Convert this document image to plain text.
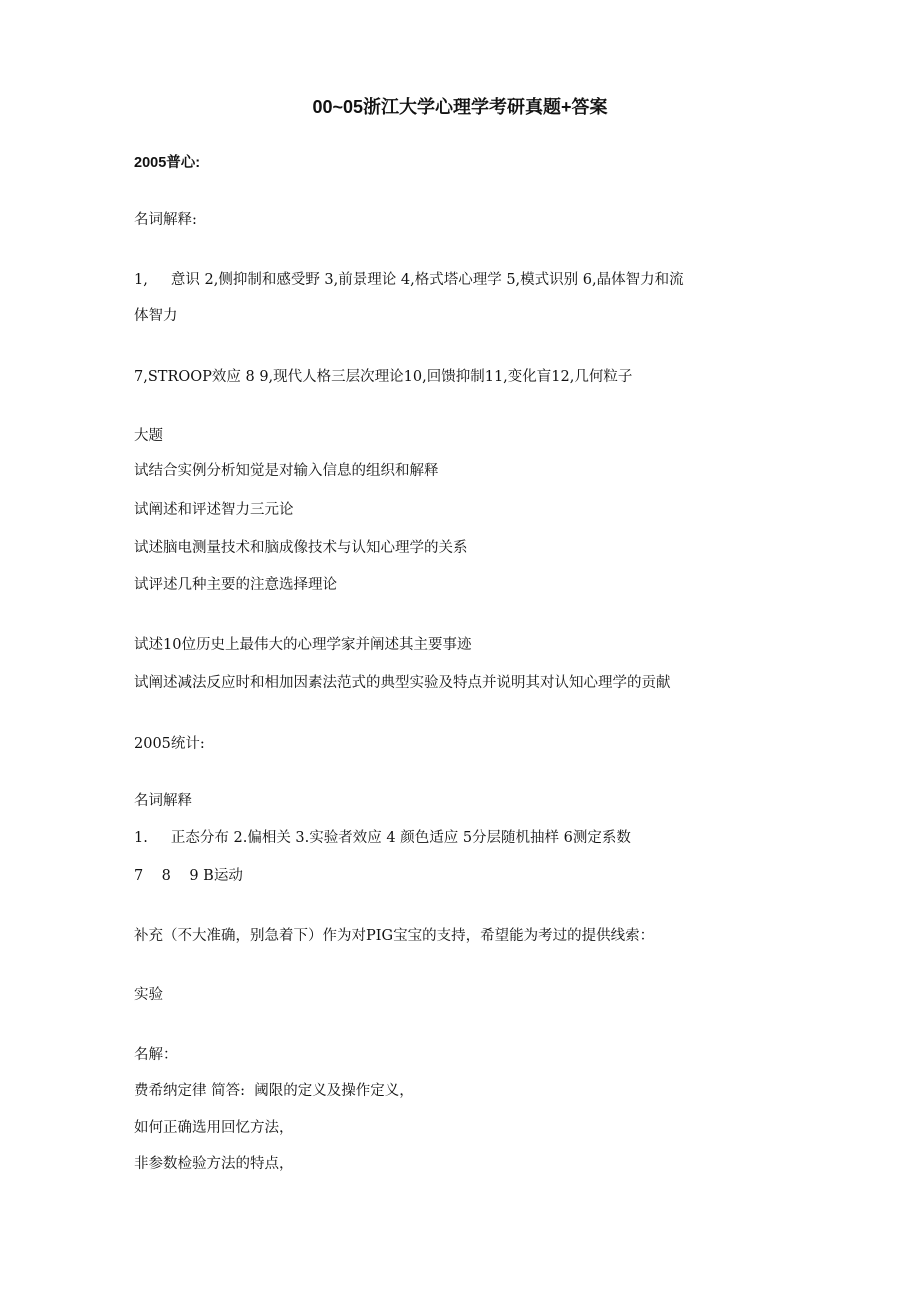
00~05浙江大学心理学考研真题+答案
2005普心:
名词解释:
1,     意识 2,侧抑制和感受野 3,前景理论 4,格式塔心理学 5,模式识别 6,晶体智力和流
体智力
7,STROOP效应 8 9,现代人格三层次理论10,回馈抑制11,变化盲12,几何粒子
大题
试结合实例分析知觉是对输入信息的组织和解释
试阐述和评述智力三元论
试述脑电测量技术和脑成像技术与认知心理学的关系
试评述几种主要的注意选择理论
试述10位历史上最伟大的心理学家并阐述其主要事迹
试阐述减法反应时和相加因素法范式的典型实验及特点并说明其对认知心理学的贡献
2005统计:
名词解释
1.     正态分布 2.偏相关 3.实验者效应 4 颜色适应 5分层随机抽样 6测定系数
7    8    9 B运动
补充（不大准确，别急着下）作为对PIG宝宝的支持，希望能为考过的提供线索：
实验
名解：
费希纳定律 简答:  阈限的定义及操作定义，
如何正确选用回忆方法，
非参数检验方法的特点，
